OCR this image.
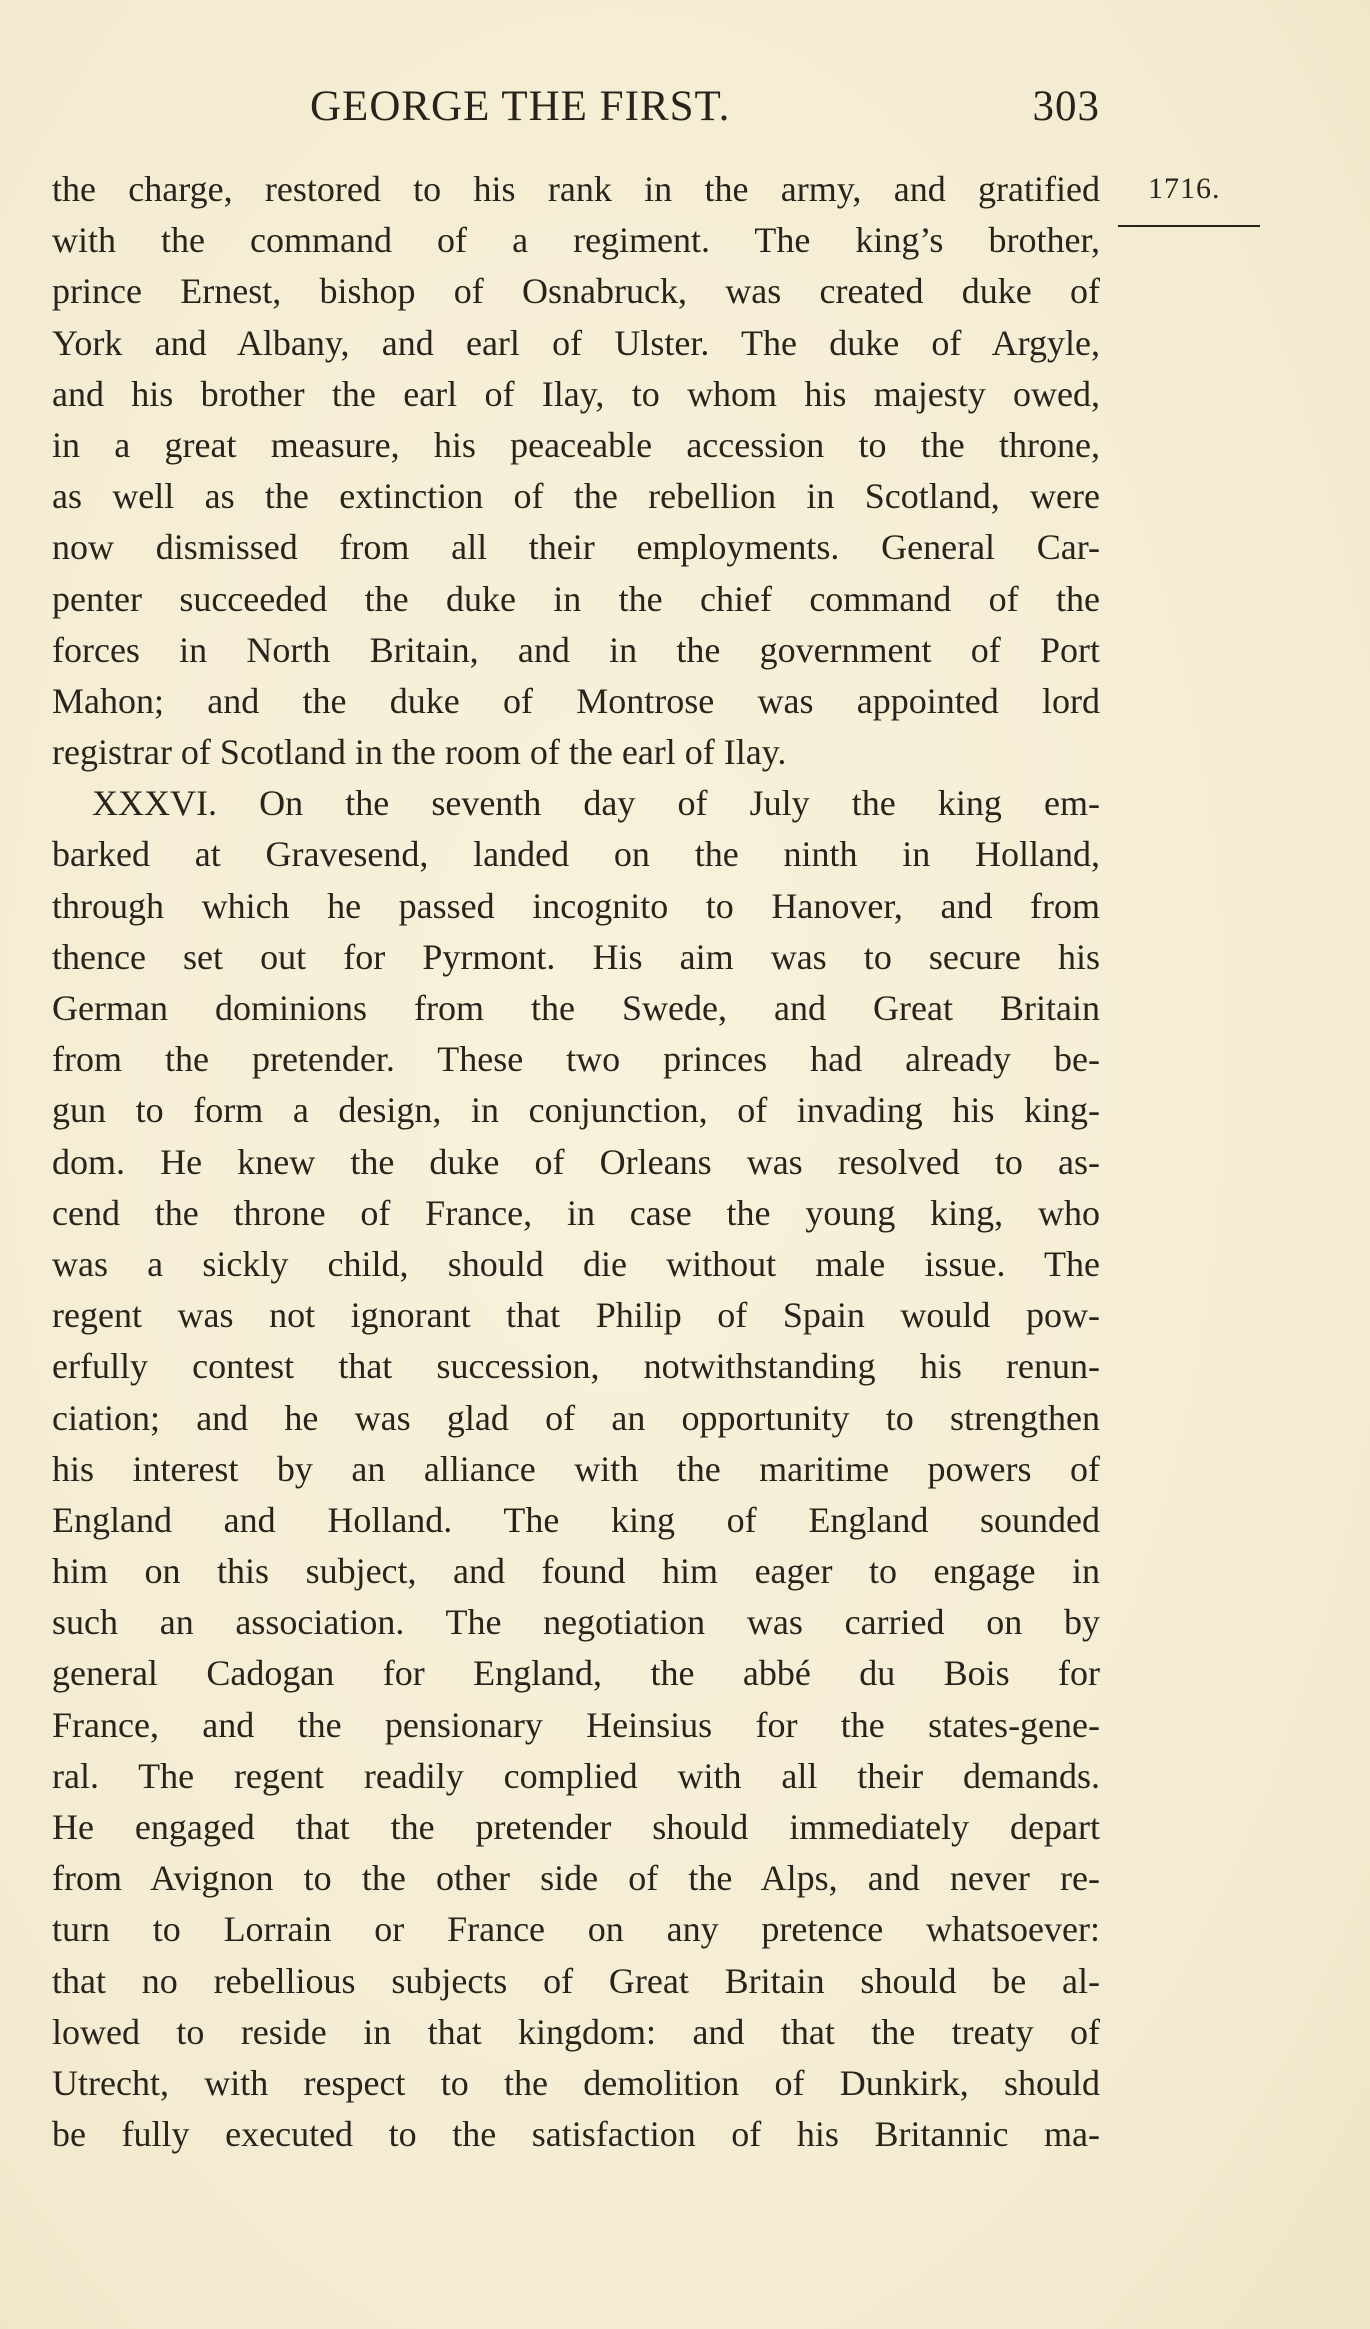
GEORGE THE FIRST.	303
1716.
the charge, restored to his rank in the army, and gratified
with the command of a regiment. The king’s brother,
prince Ernest, bishop of Osnabruck, was created duke of
York and Albany, and earl of Ulster. The duke of Argyle,
and his brother the earl of Ilay, to whom his majesty owed,
in a great measure, his peaceable accession to the throne,
as well as the extinction of the rebellion in Scotland, were
now dismissed from all their employments. General Car-
penter succeeded the duke in the chief command of the
forces in North Britain, and in the government of Port
Mahon; and the duke of Montrose was appointed lord
registrar of Scotland in the room of the earl of Ilay.
XXXVI. On the seventh day of July the king em-
barked at Gravesend, landed on the ninth in Holland,
through which he passed incognito to Hanover, and from
thence set out for Pyrmont. His aim was to secure his
German dominions from the Swede, and Great Britain
from the pretender. These two princes had already be-
gun to form a design, in conjunction, of invading his king-
dom. He knew the duke of Orleans was resolved to as-
cend the throne of France, in case the young king, who
was a sickly child, should die without male issue. The
regent was not ignorant that Philip of Spain would pow-
erfully contest that succession, notwithstanding his renun-
ciation; and he was glad of an opportunity to strengthen
his interest by an alliance with the maritime powers of
England and Holland. The king of England sounded
him on this subject, and found him eager to engage in
such an association. The negotiation was carried on by
general Cadogan for England, the abbé du Bois for
France, and the pensionary Heinsius for the states-gene-
ral. The regent readily complied with all their demands.
He engaged that the pretender should immediately depart
from Avignon to the other side of the Alps, and never re-
turn to Lorrain or France on any pretence whatsoever:
that no rebellious subjects of Great Britain should be al-
lowed to reside in that kingdom: and that the treaty of
Utrecht, with respect to the demolition of Dunkirk, should
be fully executed to the satisfaction of his Britannic ma-
